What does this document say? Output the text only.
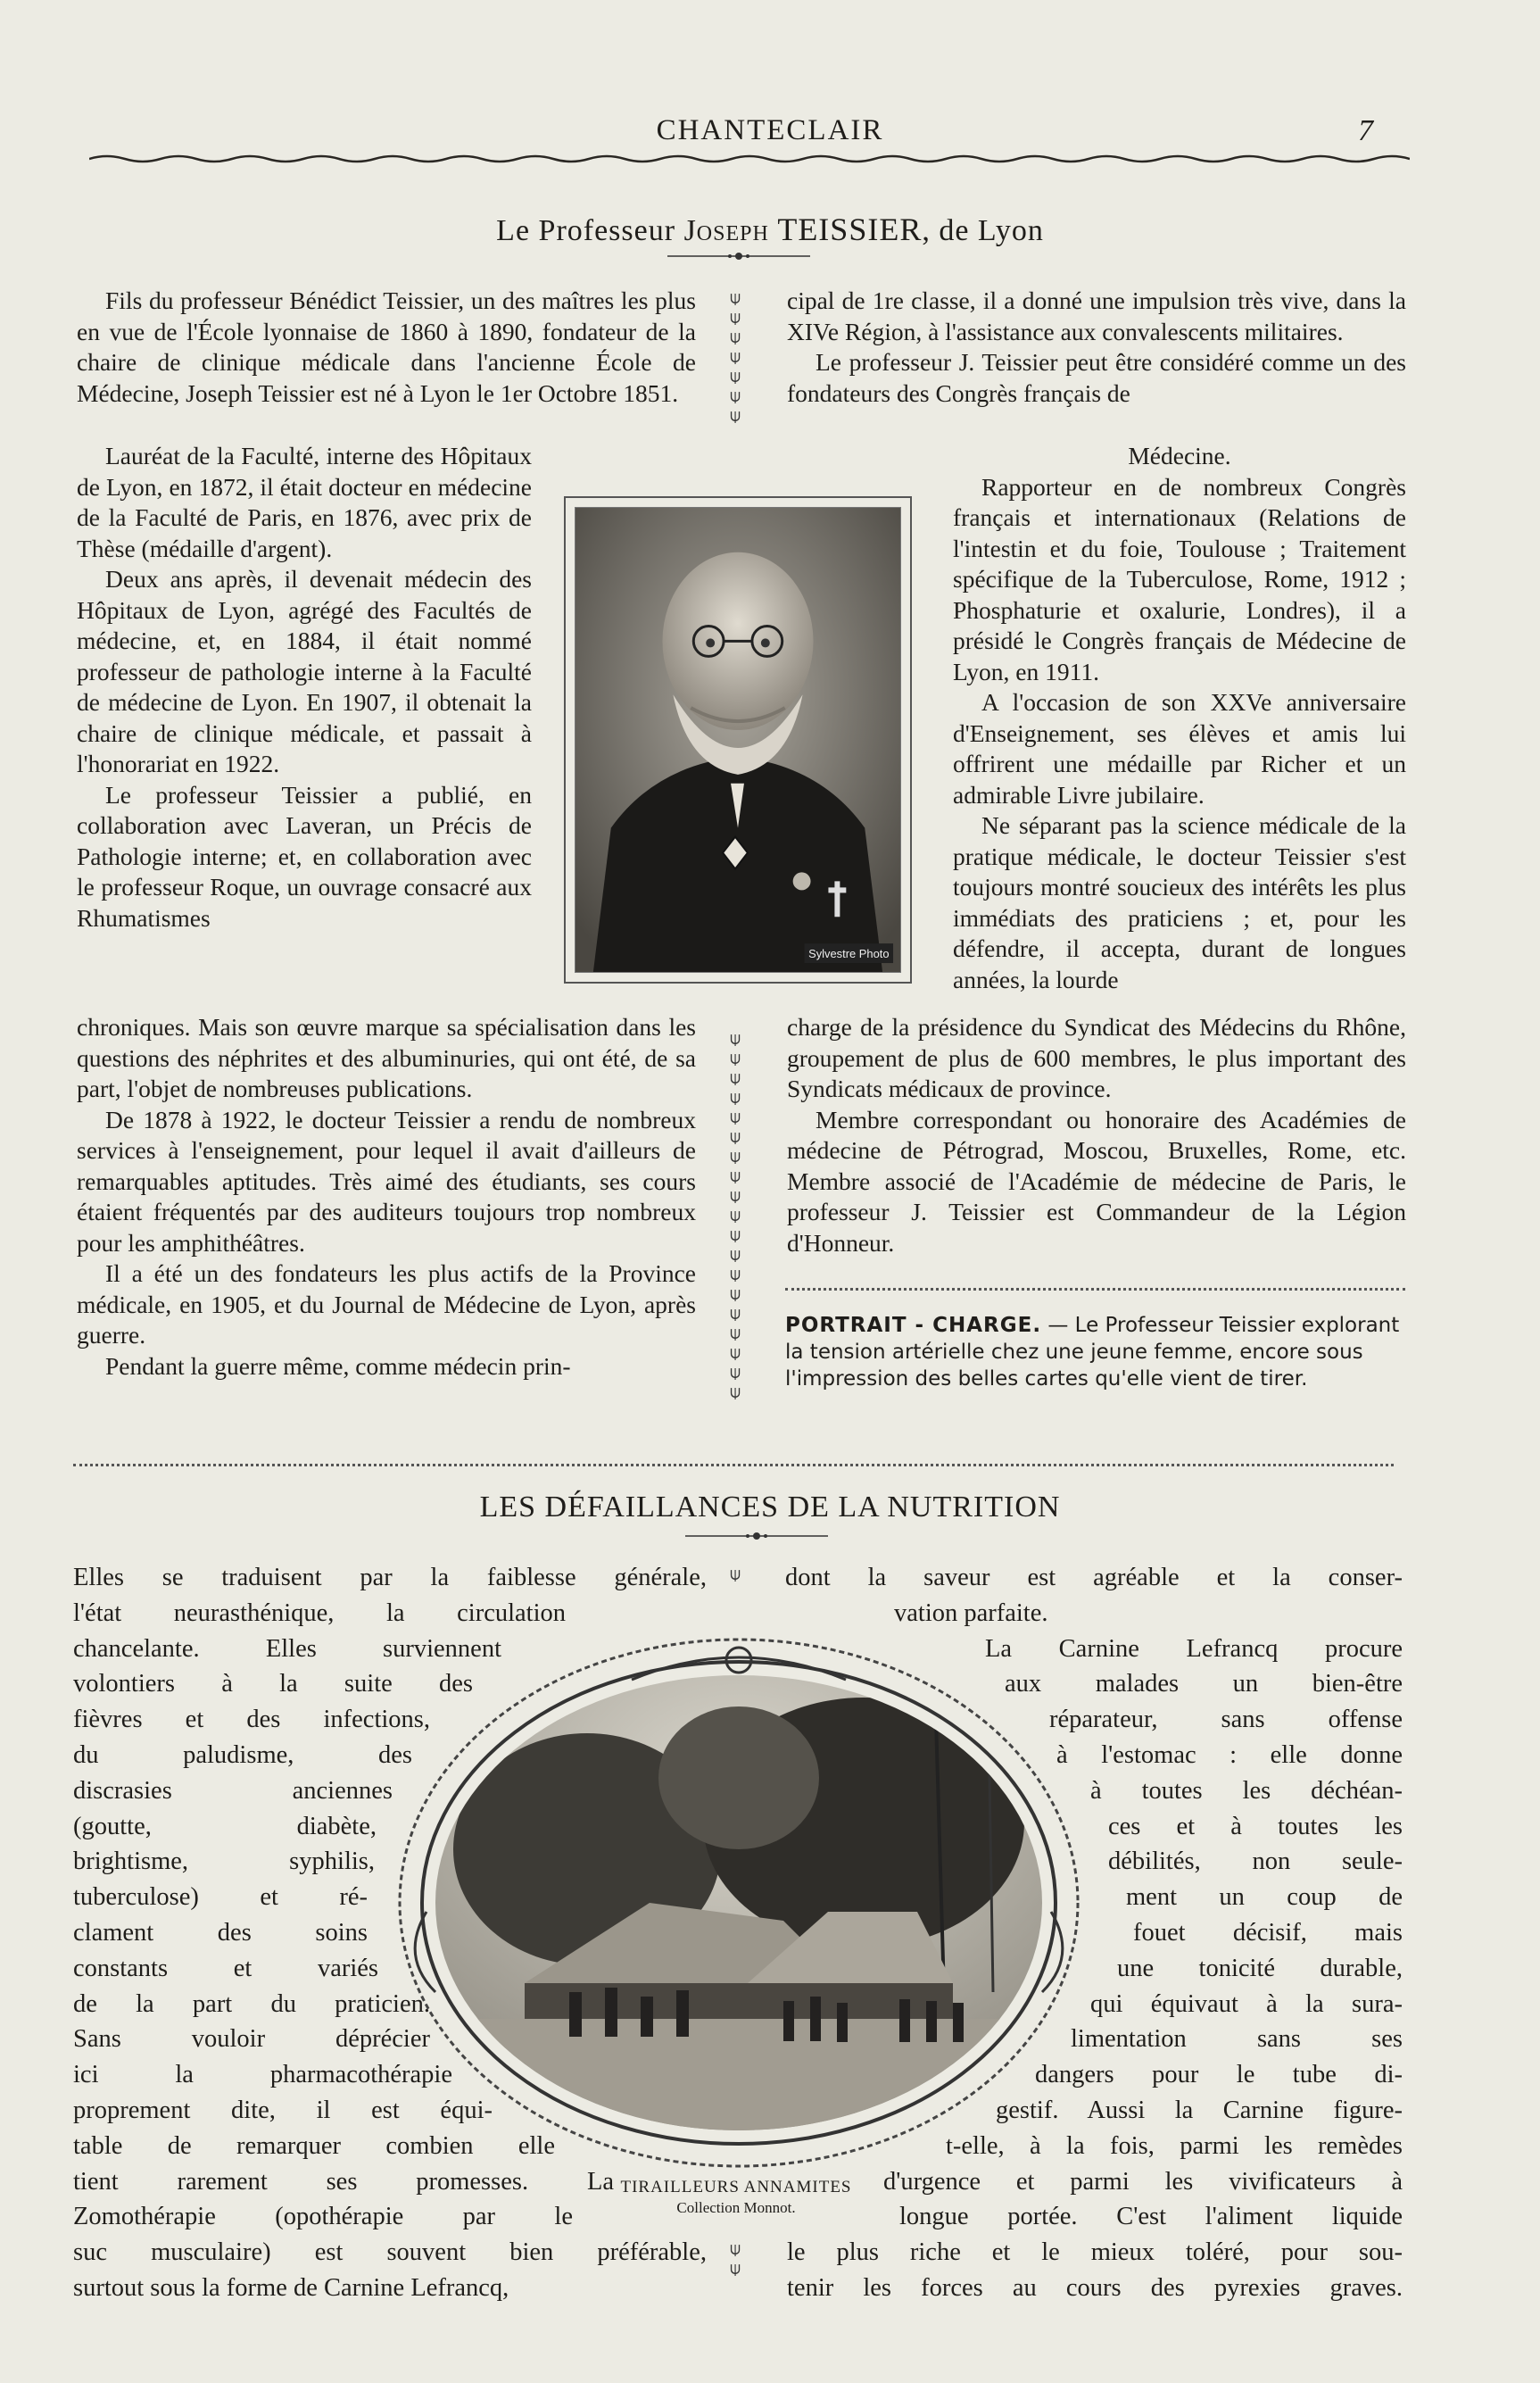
CHANTECLAIR	7
Le Professeur Joseph TEISSIER, de Lyon

Fils du professeur Bénédict Teissier, un des maîtres les plus en vue de l'École lyonnaise de 1860 à 1890, fondateur de la chaire de clinique médicale dans l'ancienne École de Médecine, Joseph Teissier est né à Lyon le 1er Octobre 1851.

Lauréat de la Faculté, interne des Hôpitaux de Lyon, en 1872, il était docteur en médecine de la Faculté de Paris, en 1876, avec prix de Thèse (médaille d'argent).

Deux ans après, il devenait médecin des Hôpitaux de Lyon, agrégé des Facultés de médecine, et, en 1884, il était nommé professeur de pathologie interne à la Faculté de médecine de Lyon. En 1907, il obtenait la chaire de clinique médicale, et passait à l'honorariat en 1922.

Le professeur Teissier a publié, en collaboration avec Laveran, un Précis de Pathologie interne; et, en collaboration avec le professeur Roque, un ouvrage consacré aux Rhumatismes

chroniques. Mais son œuvre marque sa spécialisation dans les questions des néphrites et des albuminuries, qui ont été, de sa part, l'objet de nombreuses publications.

De 1878 à 1922, le docteur Teissier a rendu de nombreux services à l'enseignement, pour lequel il avait d'ailleurs de remarquables aptitudes. Très aimé des étudiants, ses cours étaient fréquentés par des auditeurs toujours trop nombreux pour les amphithéâtres.

Il a été un des fondateurs les plus actifs de la Province médicale, en 1905, et du Journal de Médecine de Lyon, après guerre.

Pendant la guerre même, comme médecin prin-

⍦
⍦
⍦
⍦
⍦
⍦
⍦
⍦
⍦
⍦
⍦
⍦
⍦
⍦
⍦
⍦
⍦
⍦
⍦
⍦
⍦
⍦
⍦
⍦
⍦
⍦

cipal de 1re classe, il a donné une impulsion très vive, dans la XIVe Région, à l'assistance aux convalescents militaires.

Le professeur J. Teissier peut être considéré comme un des fondateurs des Congrès français de

Médecine.

Rapporteur en de nombreux Congrès français et internationaux (Relations de l'intestin et du foie, Toulouse ; Traitement spécifique de la Tuberculose, Rome, 1912 ; Phosphaturie et oxalurie, Londres), il a présidé le Congrès français de Médecine de Lyon, en 1911.

A l'occasion de son XXVe anniversaire d'Enseignement, ses élèves et amis lui offrirent une médaille par Richer et un admirable Livre jubilaire.

Ne séparant pas la science médicale de la pratique médicale, le docteur Teissier s'est toujours montré soucieux des intérêts les plus immédiats des praticiens ; et, pour les défendre, il accepta, durant de longues années, la lourde

charge de la présidence du Syndicat des Médecins du Rhône, groupement de plus de 600 membres, le plus important des Syndicats médicaux de province.

Membre correspondant ou honoraire des Académies de médecine de Pétrograd, Moscou, Bruxelles, Rome, etc. Membre associé de l'Académie de médecine de Paris, le professeur J. Teissier est Commandeur de la Légion d'Honneur.

Sylvestre Photo
PORTRAIT - CHARGE. — Le Professeur Teissier explorant la tension artérielle chez une jeune femme, encore sous l'impression des belles cartes qu'elle vient de tirer.
LES DÉFAILLANCES DE LA NUTRITION
Elles se traduisent par la faiblesse générale,
l'état neurasthénique, la circulation
chancelante. Elles surviennent
volontiers à la suite des
fièvres et des infections,
du paludisme, des
discrasies anciennes
(goutte, diabète,
brightisme, syphilis,
tuberculose) et ré-
clament des soins
constants et variés
de la part du praticien.
Sans vouloir déprécier
ici la pharmacothérapie
proprement dite, il est équi-
table de remarquer combien elle
tient rarement ses promesses. La
Zomothérapie (opothérapie par le
suc musculaire) est souvent bien préférable,
surtout sous la forme de Carnine Lefrancq,
dont la saveur est agréable et la conser-
vation parfaite.
La Carnine Lefrancq procure
aux malades un bien-être
réparateur, sans offense
à l'estomac : elle donne
à toutes les déchéan-
ces et à toutes les
débilités, non seule-
ment un coup de
fouet décisif, mais
une tonicité durable,
qui équivaut à la sura-
limentation sans ses
dangers pour le tube di-
gestif. Aussi la Carnine figure-
t-elle, à la fois, parmi les remèdes
d'urgence et parmi les vivificateurs à
longue portée. C'est l'aliment liquide
le plus riche et le mieux toléré, pour sou-
tenir les forces au cours des pyrexies graves.
⍦
⍦
⍦
TIRAILLEURS ANNAMITES
Collection Monnot.
